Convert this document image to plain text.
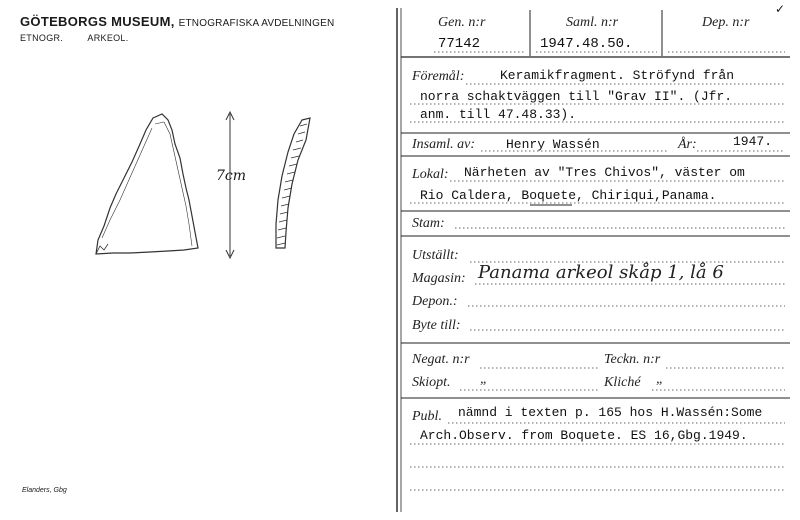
GÖTEBORGS MUSEUM, ETNOGRAFISKA AVDELNINGEN
ETNOGR.	ARKEOL.
Elanders, Gbg
✓
7cm
Gen. n:r	Saml. n:r	Dep. n:r
77142	1947.48.50.
Föremål:	Keramikfragment. Ströfynd från
norra schaktväggen till "Grav II". (Jfr.
anm. till 47.48.33).
Insaml. av: Henry Wassén	År:	1947.
Lokal: Närheten av "Tres Chivos", väster om
Rio Caldera, Boquete, Chiriqui,Panama.
Stam:
Utställt:
Magasin: Panama arkeol skåp 1, lå 6
Depon.:
Byte till:
Negat. n:r	Teckn. n:r
Skiopt. „	Kliché „
Publ. nämnd i texten p. 165 hos H.Wassén:Some
Arch.Observ. from Boquete. ES 16,Gbg.1949.
